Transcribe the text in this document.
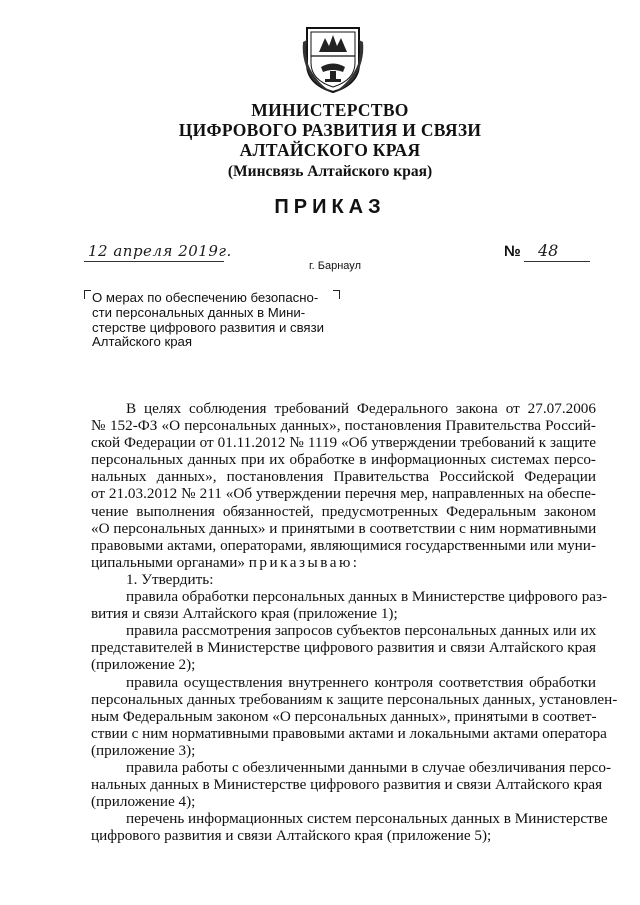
МИНИСТЕРСТВО
ЦИФРОВОГО РАЗВИТИЯ И СВЯЗИ
АЛТАЙСКОГО КРАЯ
(Минсвязь Алтайского края)
ПРИКАЗ
12 апреля 2019г.	№ 48
г. Барнаул
О мерах по обеспечению безопасно-
сти персональных данных в Мини-
стерстве цифрового развития и связи
Алтайского края
В целях соблюдения требований Федерального закона от 27.07.2006
№ 152-ФЗ «О персональных данных», постановления Правительства Россий-
ской Федерации от 01.11.2012 № 1119 «Об утверждении требований к защите
персональных данных при их обработке в информационных системах персо-
нальных данных», постановления Правительства Российской Федерации
от 21.03.2012 № 211 «Об утверждении перечня мер, направленных на обеспе-
чение выполнения обязанностей, предусмотренных Федеральным законом
«О персональных данных» и принятыми в соответствии с ним нормативными
правовыми актами, операторами, являющимися государственными или муни-
ципальными органами» приказываю:
1. Утвердить:
правила обработки персональных данных в Министерстве цифрового раз-
вития и связи Алтайского края (приложение 1);
правила рассмотрения запросов субъектов персональных данных или их
представителей в Министерстве цифрового развития и связи Алтайского края
(приложение 2);
правила осуществления внутреннего контроля соответствия обработки
персональных данных требованиям к защите персональных данных, установлен-
ным Федеральным законом «О персональных данных», принятыми в соответ-
ствии с ним нормативными правовыми актами и локальными актами оператора
(приложение 3);
правила работы с обезличенными данными в случае обезличивания персо-
нальных данных в Министерстве цифрового развития и связи Алтайского края
(приложение 4);
перечень информационных систем персональных данных в Министерстве
цифрового развития и связи Алтайского края (приложение 5);
